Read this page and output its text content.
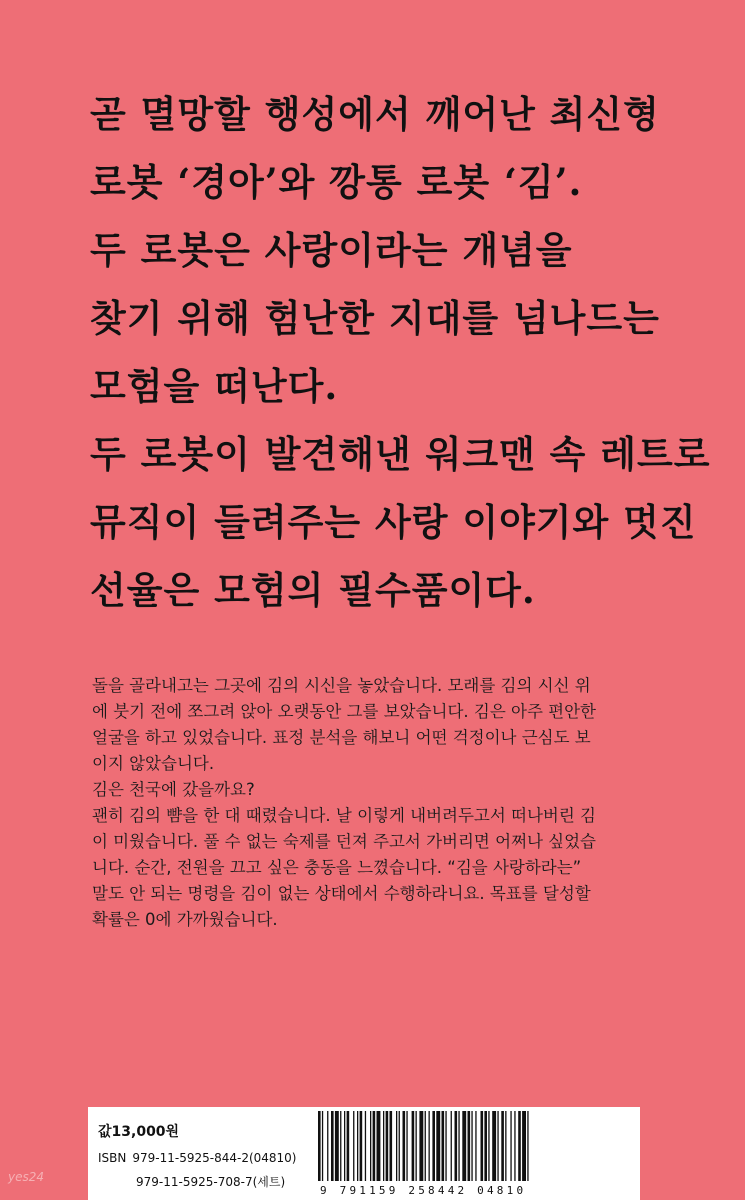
곧 멸망할 행성에서 깨어난 최신형
로봇 ‘경아’와 깡통 로봇 ‘김’.
두 로봇은 사랑이라는 개념을
찾기 위해 험난한 지대를 넘나드는
모험을 떠난다.
두 로봇이 발견해낸 워크맨 속 레트로
뮤직이 들려주는 사랑 이야기와 멋진
선율은 모험의 필수품이다.
돌을 골라내고는 그곳에 김의 시신을 놓았습니다. 모래를 김의 시신 위
에 붓기 전에 쪼그려 앉아 오랫동안 그를 보았습니다. 김은 아주 편안한
얼굴을 하고 있었습니다. 표정 분석을 해보니 어떤 걱정이나 근심도 보
이지 않았습니다.
김은 천국에 갔을까요?
괜히 김의 뺨을 한 대 때렸습니다. 날 이렇게 내버려두고서 떠나버린 김
이 미웠습니다. 풀 수 없는 숙제를 던져 주고서 가버리면 어쩌나 싶었습
니다. 순간, 전원을 끄고 싶은 충동을 느꼈습니다. “김을 사랑하라는”
말도 안 되는 명령을 김이 없는 상태에서 수행하라니요. 목표를 달성할
확률은 0에 가까웠습니다.
값13,000원
ISBN 979-11-5925-844-2(04810)
979-11-5925-708-7(세트)
9 791159 258442 04810
yes24
